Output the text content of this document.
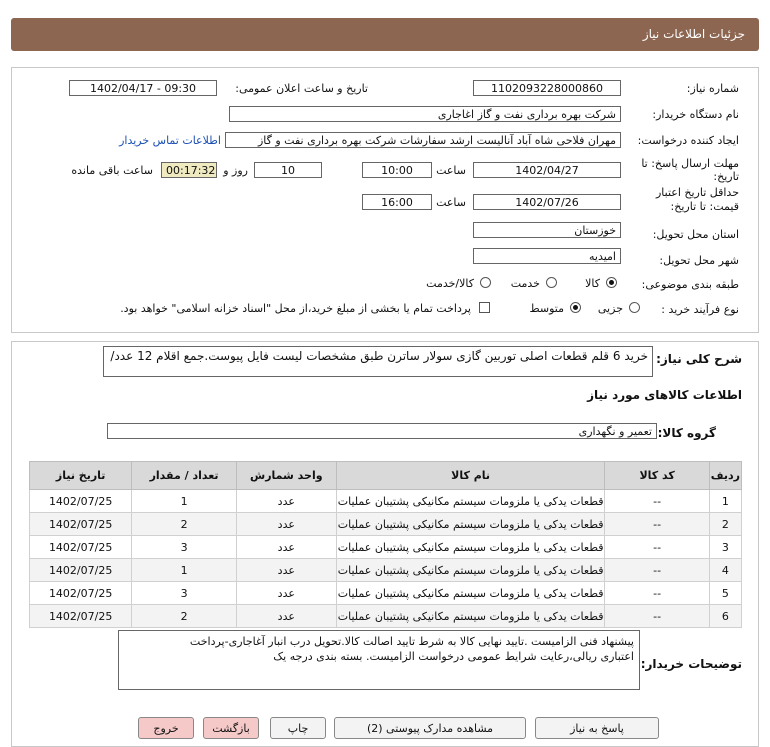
جزئیات اطلاعات نیاز
شماره نیاز:
1102093228000860
تاریخ و ساعت اعلان عمومی:
1402/04/17 - 09:30
نام دستگاه خریدار:
شرکت بهره برداری نفت و گاز اغاجاری
ایجاد کننده درخواست:
مهران فلاحی شاه آباد آنالیست ارشد سفارشات شرکت بهره برداری نفت و گاز
اطلاعات تماس خریدار
مهلت ارسال پاسخ: تا
تاریخ:
1402/04/27
ساعت
10:00
10
روز و
00:17:32
ساعت باقی مانده
حداقل تاریخ اعتبار
قیمت: تا تاریخ:
1402/07/26
ساعت
16:00
استان محل تحویل:
خوزستان
شهر محل تحویل:
امیدیه
طبقه بندی موضوعی:
کالا
خدمت
کالا/خدمت
نوع فرآیند خرید :
جزیی
متوسط
پرداخت تمام یا بخشی از مبلغ خرید،از محل "اسناد خزانه اسلامی" خواهد بود.
شرح کلی نیاز:
خرید 6 قلم قطعات اصلی توربین گازی سولار ساترن طبق مشخصات لیست فایل پیوست.جمع اقلام 12 عدد/
اطلاعات کالاهای مورد نیاز
گروه کالا:
تعمیر و نگهداری
ردیف	کد کالا	نام کالا	واحد شمارش	تعداد / مقدار	تاریخ نیاز
1	--	قطعات یدکی یا ملزومات سیستم مکانیکی پشتیبان عملیات	عدد	1	1402/07/25
2	--	قطعات یدکی یا ملزومات سیستم مکانیکی پشتیبان عملیات	عدد	2	1402/07/25
3	--	قطعات یدکی یا ملزومات سیستم مکانیکی پشتیبان عملیات	عدد	3	1402/07/25
4	--	قطعات یدکی یا ملزومات سیستم مکانیکی پشتیبان عملیات	عدد	1	1402/07/25
5	--	قطعات یدکی یا ملزومات سیستم مکانیکی پشتیبان عملیات	عدد	3	1402/07/25
6	--	قطعات یدکی یا ملزومات سیستم مکانیکی پشتیبان عملیات	عدد	2	1402/07/25
توضیحات خریدار:
پیشنهاد فنی الزامیست .تایید نهایی کالا به شرط تایید اصالت کالا.تحویل درب انبار آغاجاری-پرداخت
اعتباری ریالی،رعایت شرایط عمومی درخواست الزامیست. بسته بندی درجه یک
پاسخ به نیاز
مشاهده مدارک پیوستی (2)
چاپ
بازگشت
خروج
